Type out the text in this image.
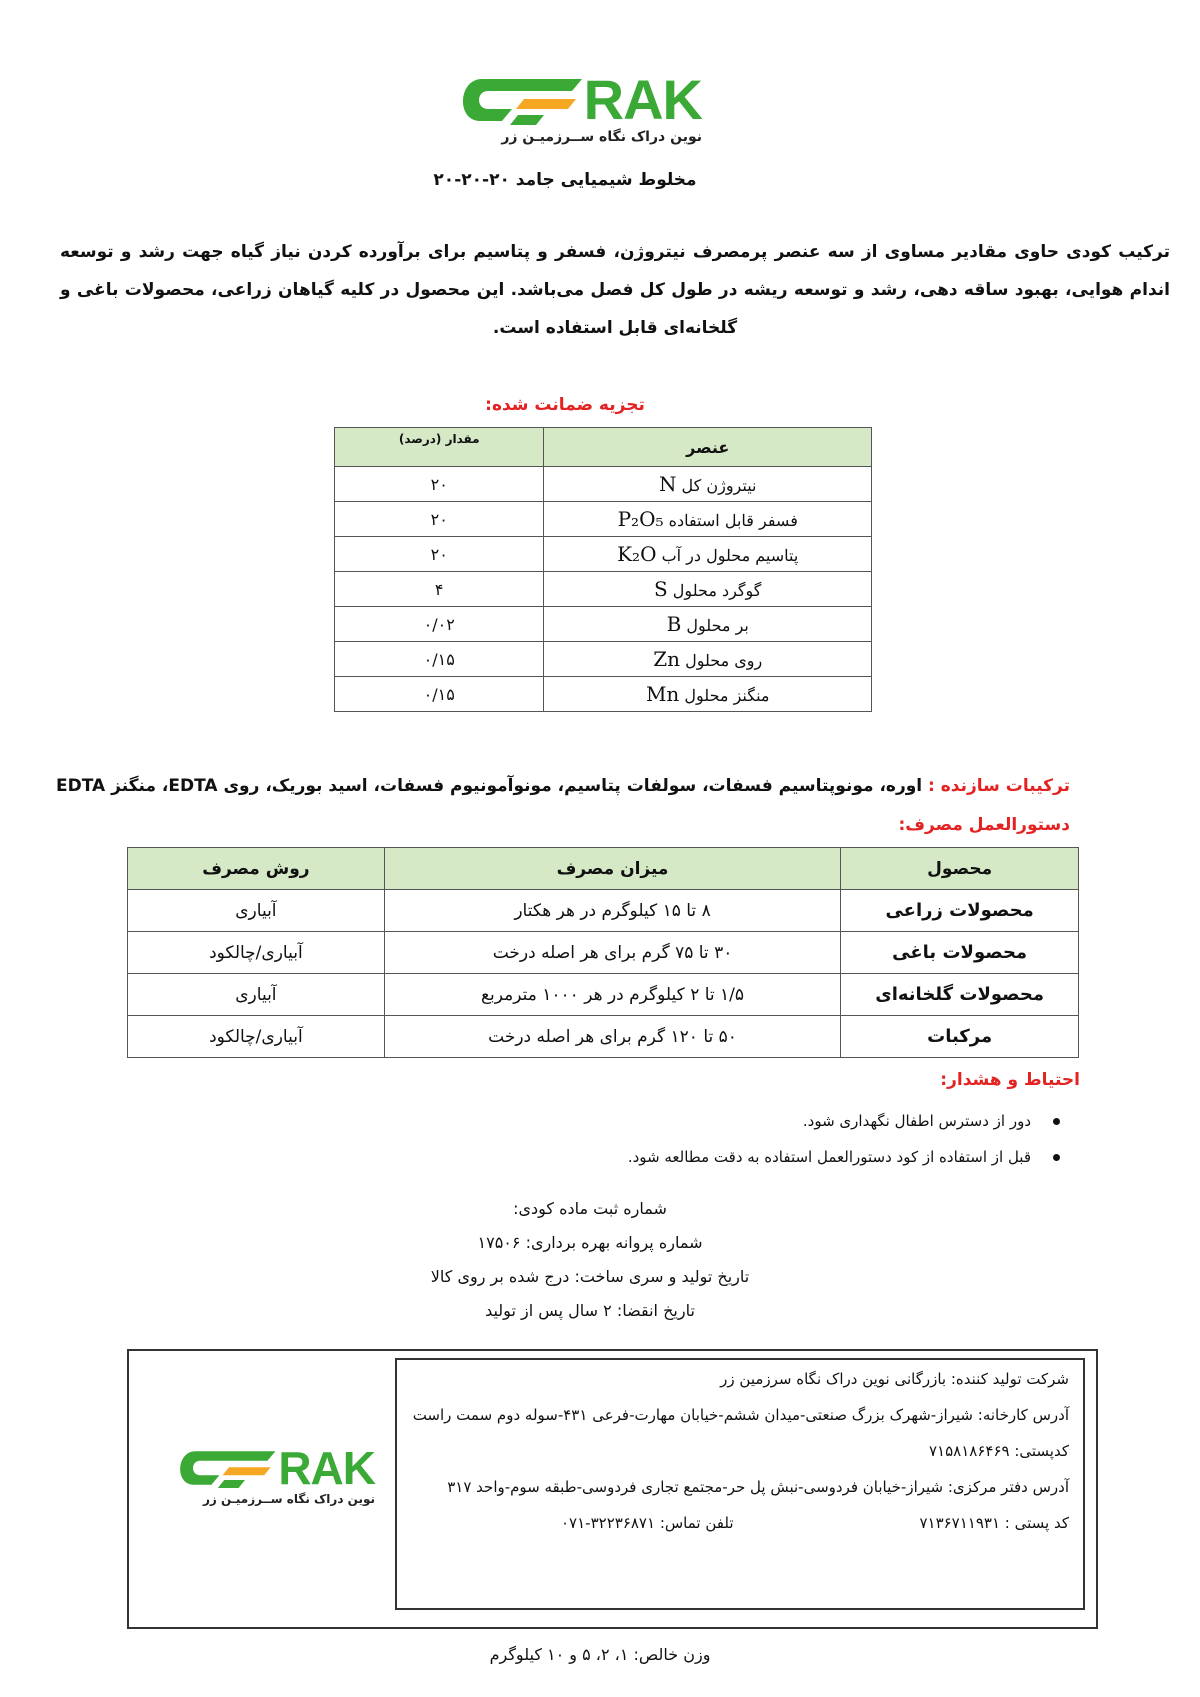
RAK
نوین دراک نگاه ســرزمیـن زر
مخلوط شیمیایی جامد ۲۰-۲۰-۲۰
ترکیب کودی حاوی مقادیر مساوی از سه عنصر پرمصرف نیتروژن، فسفر و پتاسیم برای برآورده کردن نیاز گیاه جهت رشد و توسعه اندام هوایی، بهبود ساقه دهی، رشد و توسعه ریشه در طول کل فصل می‌باشد. این محصول در کلیه گیاهان زراعی، محصولات باغی و گلخانه‌ای قابل استفاده است.
تجزیه ضمانت شده:
عنصر	مقدار (درصد)
نیتروژن کل N	۲۰
فسفر قابل استفاده P₂O₅	۲۰
پتاسیم محلول در آب K₂O	۲۰
گوگرد محلول S	۴
بر محلول B	۰/۰۲
روی محلول Zn	۰/۱۵
منگنز محلول Mn	۰/۱۵
ترکیبات سازنده : اوره، مونوپتاسیم فسفات، سولفات پتاسیم، مونوآمونیوم فسفات، اسید بوریک، روی EDTA، منگنز EDTA
دستورالعمل مصرف:
محصول	میزان مصرف	روش مصرف
محصولات زراعی	۸ تا ۱۵ کیلوگرم در هر هکتار	آبیاری
محصولات باغی	۳۰ تا ۷۵ گرم برای هر اصله درخت	آبیاری/چالکود
محصولات گلخانه‌ای	۱/۵ تا ۲ کیلوگرم در هر ۱۰۰۰ مترمربع	آبیاری
مرکبات	۵۰ تا ۱۲۰ گرم برای هر اصله درخت	آبیاری/چالکود
احتیاط و هشدار:
دور از دسترس اطفال نگهداری شود.
قبل از استفاده از کود دستورالعمل استفاده به دقت مطالعه شود.
شماره ثبت ماده کودی:
شماره پروانه بهره برداری: ۱۷۵۰۶
تاریخ تولید و سری ساخت: درج شده بر روی کالا
تاریخ انقضا: ۲ سال پس از تولید
RAK
نوین دراک نگاه ســرزمیـن زر
شرکت تولید کننده: بازرگانی نوین دراک نگاه سرزمین زر
آدرس کارخانه: شیراز-شهرک بزرگ صنعتی-میدان ششم-خیابان مهارت-فرعی ۴۳۱-سوله دوم سمت راست
کدپستی: ۷۱۵۸۱۸۶۴۶۹
آدرس دفتر مرکزی: شیراز-خیابان فردوسی-نبش پل حر-مجتمع تجاری فردوسی-طبقه سوم-واحد ۳۱۷
کد پستی : ۷۱۳۶۷۱۱۹۳۱
تلفن تماس: ۳۲۲۳۶۸۷۱-۰۷۱
وزن خالص: ۱، ۲، ۵ و ۱۰ کیلوگرم
